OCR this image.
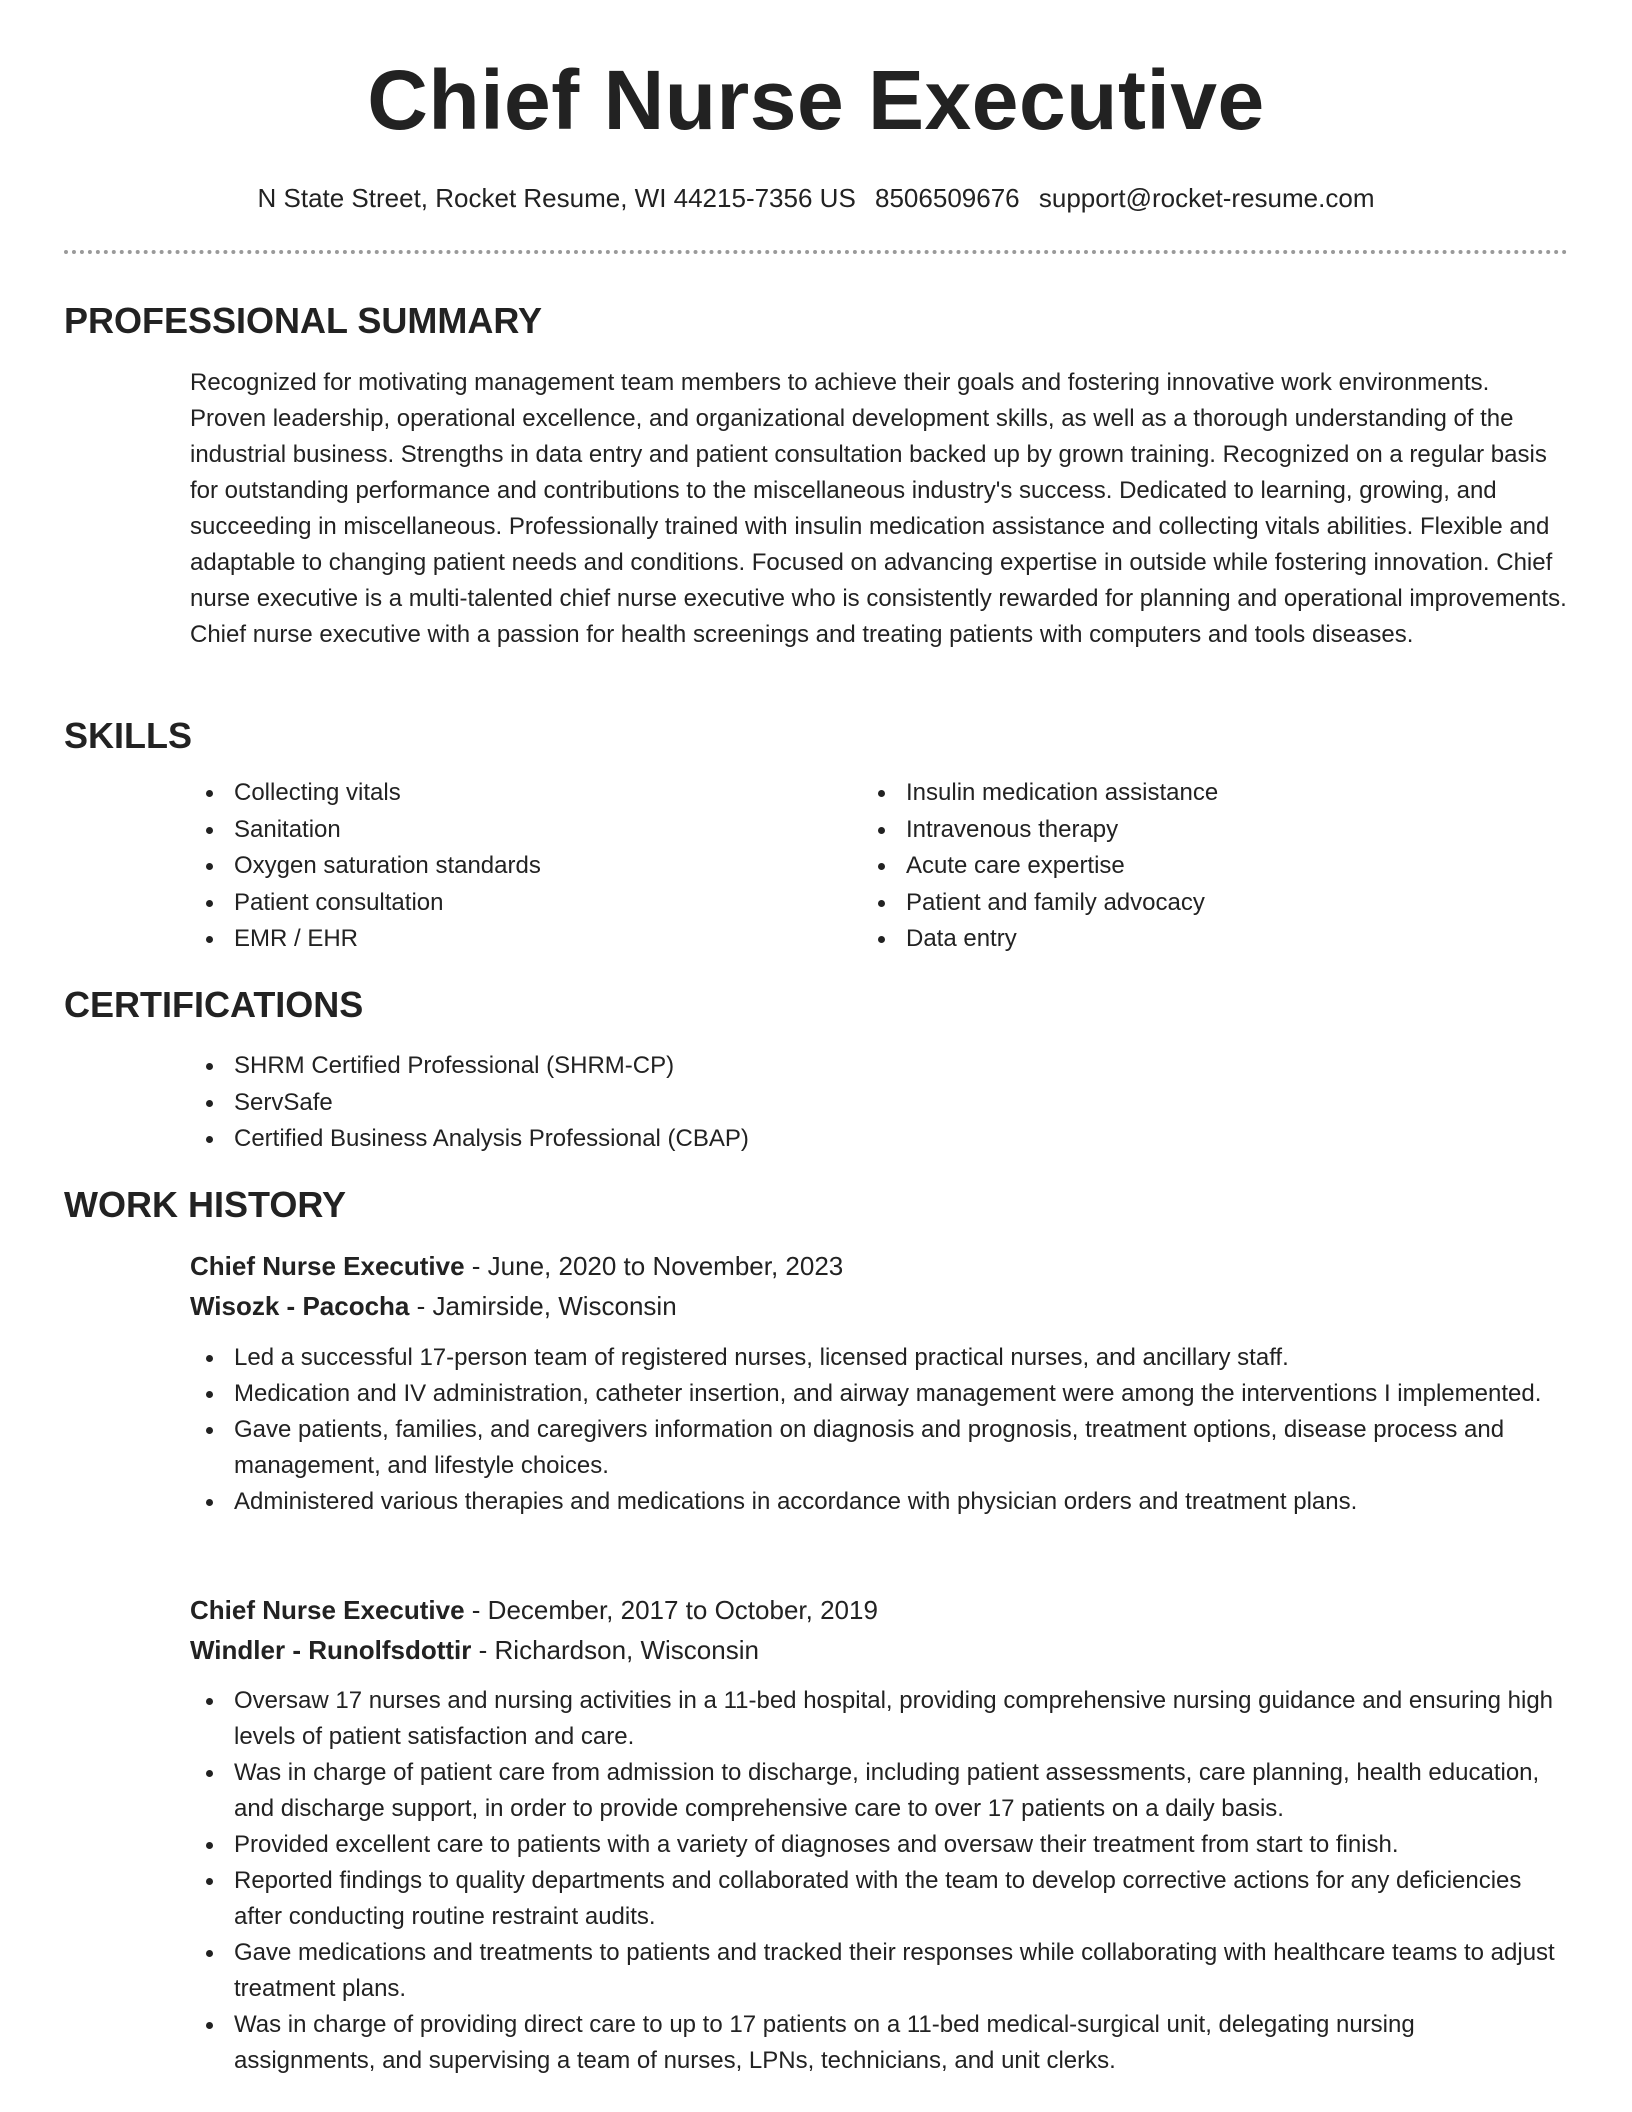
Chief Nurse Executive
N State Street, Rocket Resume, WI 44215-7356 US 8506509676 support@rocket-resume.com
PROFESSIONAL SUMMARY

Recognized for motivating management team members to achieve their goals and fostering innovative work environments. Proven leadership, operational excellence, and organizational development skills, as well as a thorough understanding of the industrial business. Strengths in data entry and patient consultation backed up by grown training. Recognized on a regular basis for outstanding performance and contributions to the miscellaneous industry's success. Dedicated to learning, growing, and succeeding in miscellaneous. Professionally trained with insulin medication assistance and collecting vitals abilities. Flexible and adaptable to changing patient needs and conditions. Focused on advancing expertise in outside while fostering innovation. Chief nurse executive is a multi-talented chief nurse executive who is consistently rewarded for planning and operational improvements. Chief nurse executive with a passion for health screenings and treating patients with computers and tools diseases.

SKILLS
Collecting vitals
Sanitation
Oxygen saturation standards
Patient consultation
EMR / EHR
Insulin medication assistance
Intravenous therapy
Acute care expertise
Patient and family advocacy
Data entry
CERTIFICATIONS
SHRM Certified Professional (SHRM-CP)
ServSafe
Certified Business Analysis Professional (CBAP)
WORK HISTORY
Chief Nurse Executive - June, 2020 to November, 2023
Wisozk - Pacocha - Jamirside, Wisconsin
Led a successful 17-person team of registered nurses, licensed practical nurses, and ancillary staff.
Medication and IV administration, catheter insertion, and airway management were among the interventions I implemented.
Gave patients, families, and caregivers information on diagnosis and prognosis, treatment options, disease process and management, and lifestyle choices.
Administered various therapies and medications in accordance with physician orders and treatment plans.
Chief Nurse Executive - December, 2017 to October, 2019
Windler - Runolfsdottir - Richardson, Wisconsin
Oversaw 17 nurses and nursing activities in a 11-bed hospital, providing comprehensive nursing guidance and ensuring high levels of patient satisfaction and care.
Was in charge of patient care from admission to discharge, including patient assessments, care planning, health education, and discharge support, in order to provide comprehensive care to over 17 patients on a daily basis.
Provided excellent care to patients with a variety of diagnoses and oversaw their treatment from start to finish.
Reported findings to quality departments and collaborated with the team to develop corrective actions for any deficiencies after conducting routine restraint audits.
Gave medications and treatments to patients and tracked their responses while collaborating with healthcare teams to adjust treatment plans.
Was in charge of providing direct care to up to 17 patients on a 11-bed medical-surgical unit, delegating nursing assignments, and supervising a team of nurses, LPNs, technicians, and unit clerks.
